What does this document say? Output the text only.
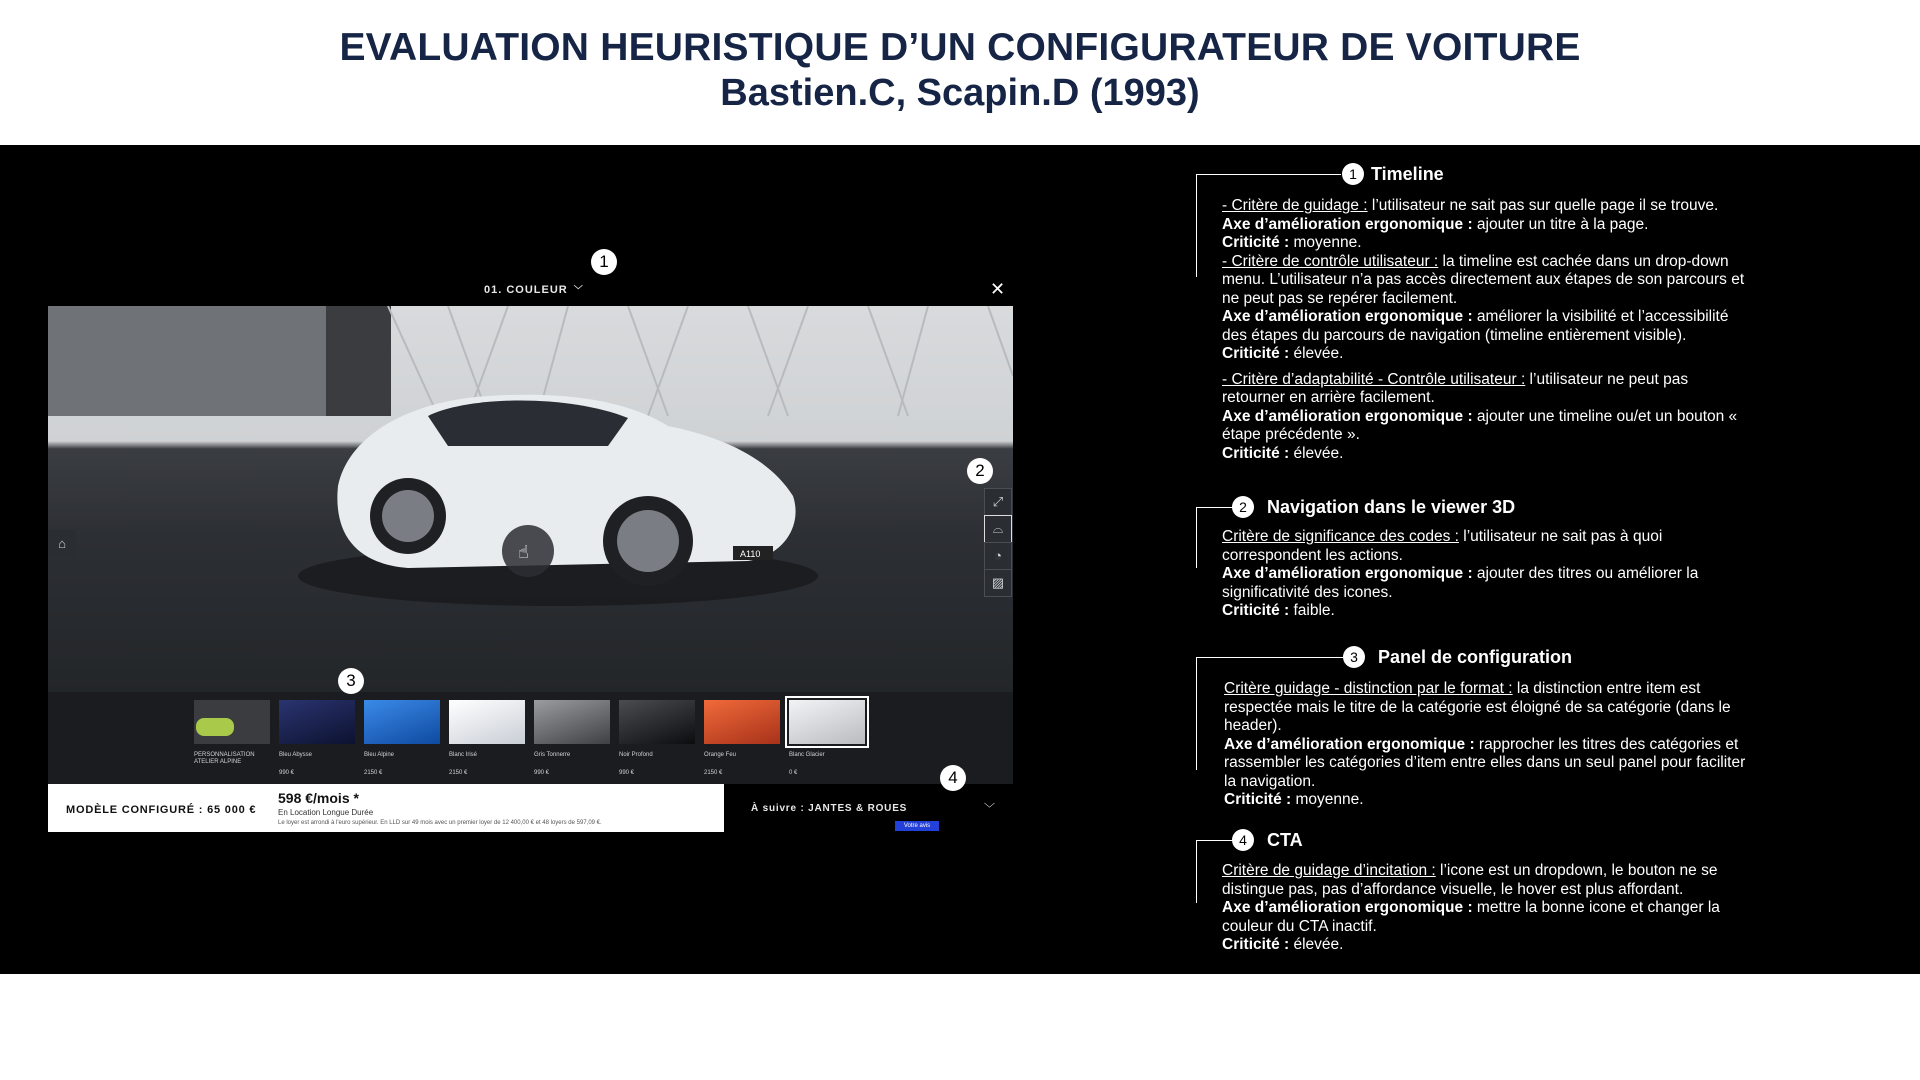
EVALUATION HEURISTIQUE D’UN CONFIGURATEUR DE VOITURE
Bastien.C, Scapin.D (1993)
01. COULEUR ﹀	✕
A110
☝
⌂
⤢
⌓
◔
▨
PERSONNALISATION ATELIER ALPINE
Bleu Abysse
990 €
Bleu Alpine
2150 €
Blanc Irisé
2150 €
Gris Tonnerre
990 €
Noir Profond
990 €
Orange Feu
2150 €
Blanc Glacier
0 €
MODÈLE CONFIGURÉ : 65 000 €
598 €/mois *
En Location Longue Durée
Le loyer est arrondi à l'euro supérieur. En LLD sur 49 mois avec un premier loyer de 12 400,00 € et 48 loyers de 597,09 €.
À suivre : JANTES & ROUES	﹀
Votre avis
1
2
3
4
1 Timeline

- Critère de guidage : l’utilisateur ne sait pas sur quelle page il se trouve.

Axe d’amélioration ergonomique : ajouter un titre à la page.

Criticité : moyenne.

- Critère de contrôle utilisateur : la timeline est cachée dans un drop-down menu. L’utilisateur n’a pas accès directement aux étapes de son parcours et ne peut pas se repérer facilement.

Axe d’amélioration ergonomique : améliorer la visibilité et l’accessibilité des étapes du parcours de navigation (timeline entièrement visible).

Criticité : élevée.

- Critère d’adaptabilité - Contrôle utilisateur : l’utilisateur ne peut pas retourner en arrière facilement.

Axe d’amélioration ergonomique : ajouter une timeline ou/et un bouton « étape précédente ».

Criticité : élevée.

2	Navigation dans le viewer 3D

Critère de significance des codes : l’utilisateur ne sait pas à quoi correspondent les actions.

Axe d’amélioration ergonomique : ajouter des titres ou améliorer la significativité des icones.

Criticité : faible.

3	Panel de configuration

Critère guidage - distinction par le format : la distinction entre item est respectée mais le titre de la catégorie est éloigné de sa catégorie (dans le header).

Axe d’amélioration ergonomique : rapprocher les titres des catégories et rassembler les catégories d’item entre elles dans un seul panel pour faciliter la navigation.

Criticité : moyenne.

4	CTA

Critère de guidage d’incitation : l’icone est un dropdown, le bouton ne se distingue pas, pas d’affordance visuelle, le hover est plus affordant.

Axe d’amélioration ergonomique : mettre la bonne icone et changer la couleur du CTA inactif.

Criticité : élevée.
